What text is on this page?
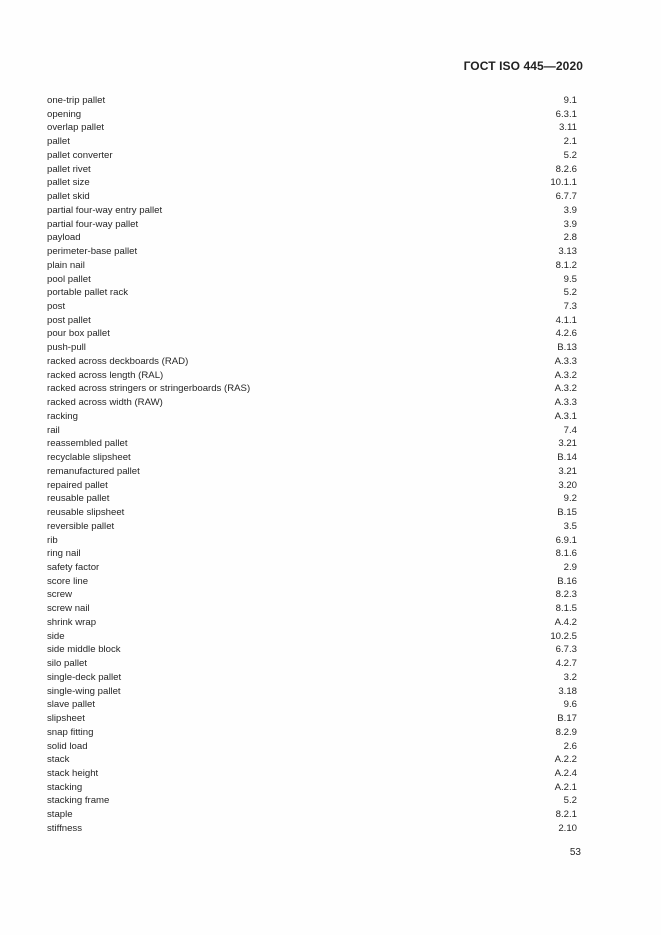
ГОСТ ISO 445—2020
one-trip pallet	9.1
opening	6.3.1
overlap pallet	3.11
pallet	2.1
pallet converter	5.2
pallet rivet	8.2.6
pallet size	10.1.1
pallet skid	6.7.7
partial four-way entry pallet	3.9
partial four-way pallet	3.9
payload	2.8
perimeter-base pallet	3.13
plain nail	8.1.2
pool pallet	9.5
portable pallet rack	5.2
post	7.3
post pallet	4.1.1
pour box pallet	4.2.6
push-pull	B.13
racked across deckboards (RAD)	A.3.3
racked across length (RAL)	A.3.2
racked across stringers or stringerboards (RAS)	A.3.2
racked across width (RAW)	A.3.3
racking	A.3.1
rail	7.4
reassembled pallet	3.21
recyclable slipsheet	B.14
remanufactured pallet	3.21
repaired pallet	3.20
reusable pallet	9.2
reusable slipsheet	B.15
reversible pallet	3.5
rib	6.9.1
ring nail	8.1.6
safety factor	2.9
score line	B.16
screw	8.2.3
screw nail	8.1.5
shrink wrap	A.4.2
side	10.2.5
side middle block	6.7.3
silo pallet	4.2.7
single-deck pallet	3.2
single-wing pallet	3.18
slave pallet	9.6
slipsheet	B.17
snap fitting	8.2.9
solid load	2.6
stack	A.2.2
stack height	A.2.4
stacking	A.2.1
stacking frame	5.2
staple	8.2.1
stiffness	2.10
53
